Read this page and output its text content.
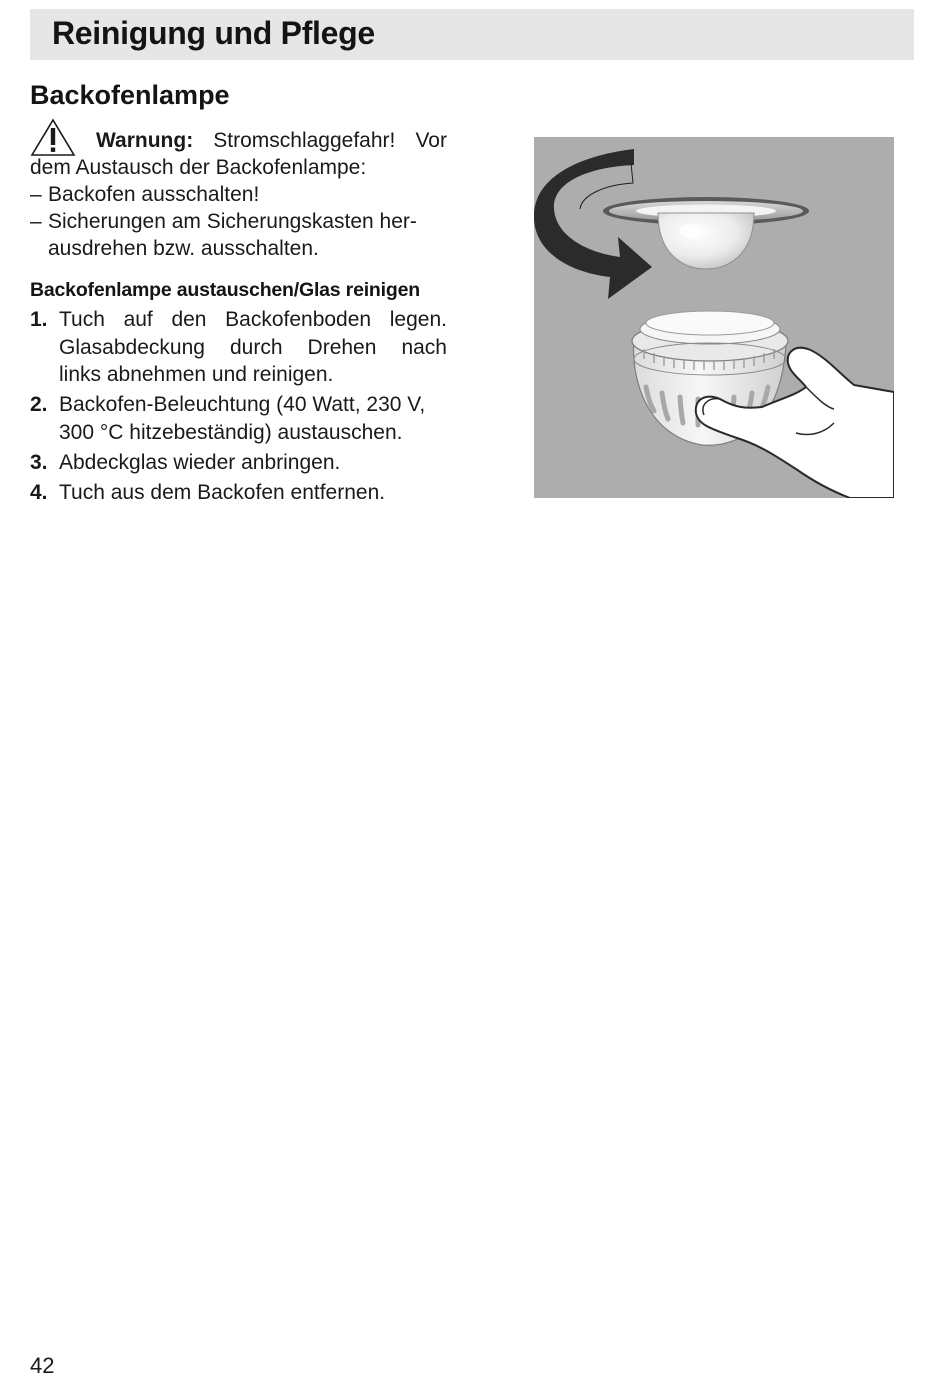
Reinigung und Pflege
Backofenlampe
Warnung: Stromschlaggefahr! Vor
dem Austausch der Backofenlampe:
– Backofen ausschalten!
– Sicherungen am Sicherungskasten her-
ausdrehen bzw. ausschalten.
Backofenlampe austauschen/Glas reinigen
1. Tuch auf den Backofenboden legen.
Glasabdeckung durch Drehen nach
links abnehmen und reinigen.
2. Backofen-Beleuchtung (40 Watt, 230 V,
300 °C hitzebeständig) austauschen.
3. Abdeckglas wieder anbringen.
4. Tuch aus dem Backofen entfernen.
42
